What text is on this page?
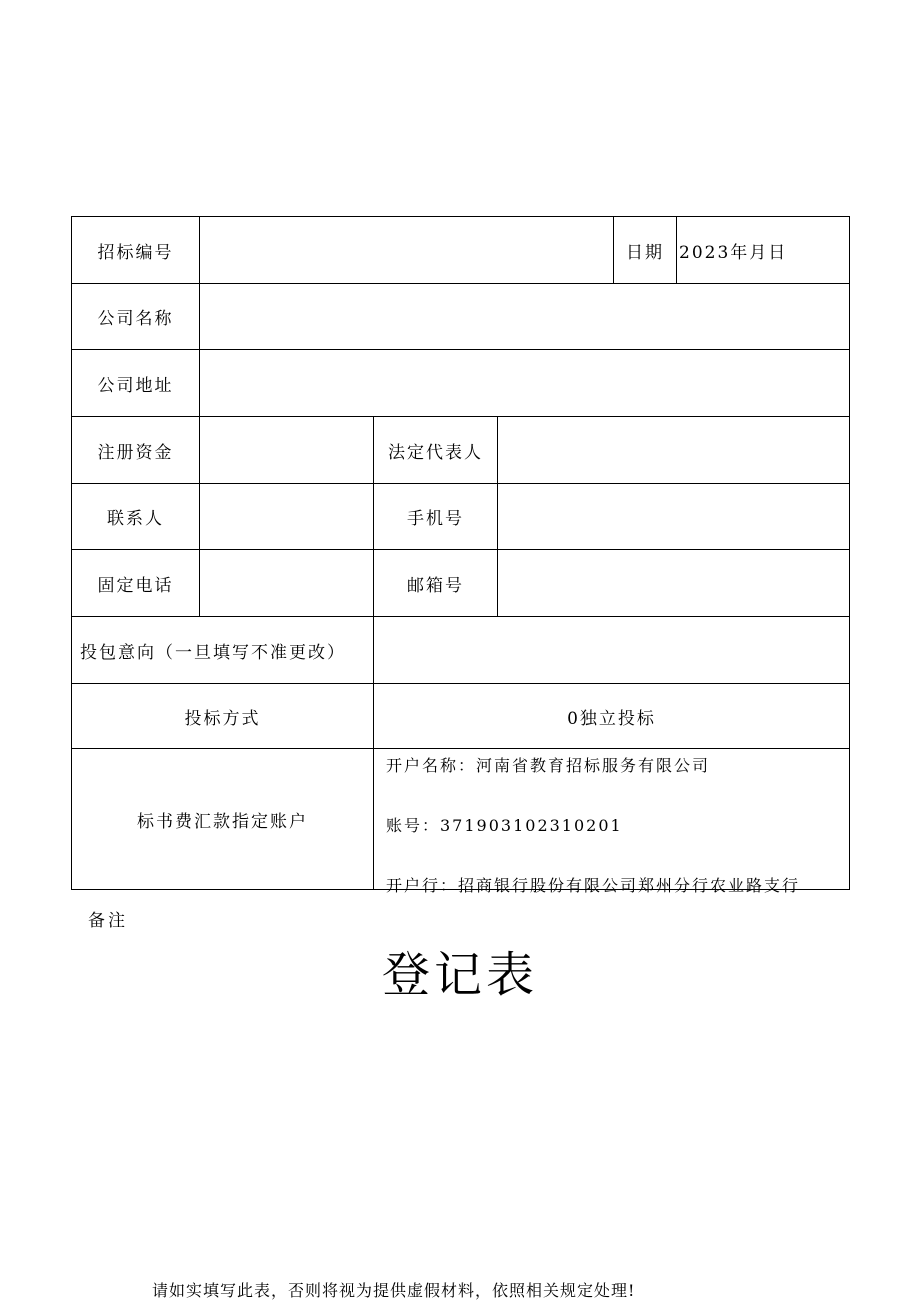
招标编号				日期	2023年月日
公司名称					
公司地址					
注册资金		法定代表人			
联系人		手机号			
固定电话		邮箱号			
投包意向（一旦填写不准更改）					
投标方式		0独立投标			
标书费汇款指定账户		开户名称：河南省教育招标服务有限公司
账号：371903102310201
开户行：招商银行股份有限公司郑州分行农业路支行			
备注
登记表
请如实填写此表，否则将视为提供虚假材料，依照相关规定处理!
